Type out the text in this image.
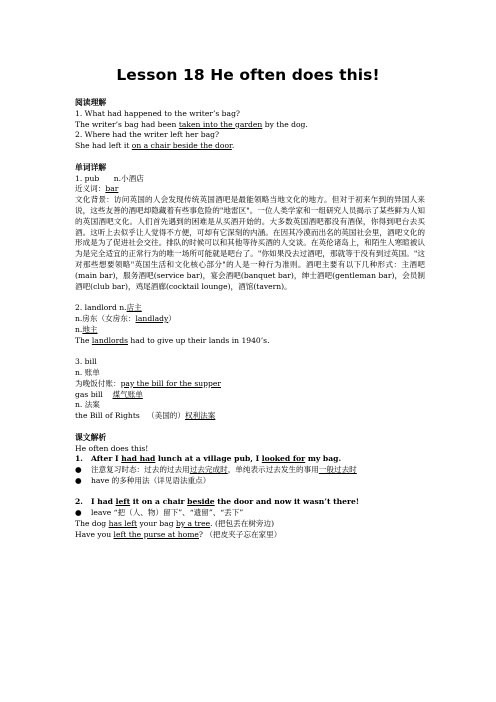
Lesson 18 He often does this!

阅读理解

1. What had happened to the writer’s bag?

The writer’s bag had been taken into the garden by the dog.

2. Where had the writer left her bag?

She had left it on a chair beside the door.

单词详解

1. pub      n.小酒店

近义词：bar

文化背景：访问英国的人会发现传统英国酒吧是最能领略当地文化的地方。但对于初来乍到的异国人来说，这些友善的酒吧却隐藏着有些事危险的"地雷区"。一位人类学家和一组研究人员揭示了某些鲜为人知的英国酒吧文化。人们首先遇到的困难是从买酒开始的。大多数英国酒吧都没有酒保，你得到吧台去买酒。这听上去似乎让人觉得不方便，可却有它深刻的内涵。在因其冷漠而出名的英国社会里，酒吧文化的形成是为了促进社会交往。排队的时候可以和其他等待买酒的人交谈。在英伦诸岛上，和陌生人寒暄被认为是完全适宜的正常行为的唯一场所可能就是吧台了。"你如果没去过酒吧，那就等于没有到过英国。"这对那些想要领略"英国生活和文化核心部分"的人是一种行为准则。酒吧主要有以下几种形式：主酒吧(main bar)，服务酒吧(service bar)，宴会酒吧(banquet bar)，绅士酒吧(gentleman bar)，会员制酒吧(club bar)，鸡尾酒廊(cocktail lounge)，酒馆(tavern)。

2. landlord n.店主

n.房东（女房东：landlady）

n.地主

The landlords had to give up their lands in 1940’s.

3. bill

n. 账单

为晚饭付账：pay the bill for the supper

gas bill    煤气账单

n. 法案

the Bill of Rights   （美国的）权利法案

课文解析

He often does this!

1. After I had had lunch at a village pub, I looked for my bag.

●	注意复习时态：过去的过去用过去完成时，单纯表示过去发生的事用一般过去时

●	have 的多种用法（详见语法重点）

2. I had left it on a chair beside the door and now it wasn’t there!

●	leave “把（人、物）留下”、“遗留”、“丢下”

The dog has left your bag by a tree. (把包丢在树旁边)

Have you left the purse at home? （把皮夹子忘在家里）
